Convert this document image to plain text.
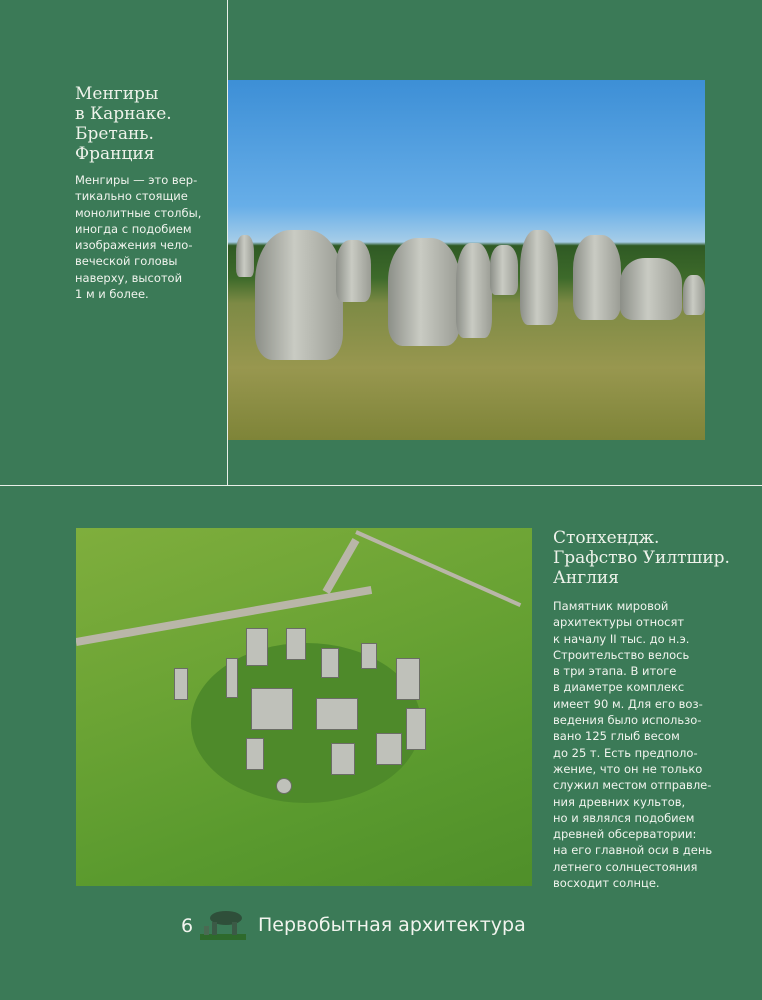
Менгиры
в Карнаке.
Бретань.
Франция
Менгиры — это вер-
тикально стоящие
монолитные столбы,
иногда с подобием
изображения чело-
веческой головы
наверху, высотой
1 м и более.
Стонхендж.
Графство Уилтшир.
Англия
Памятник мировой
архитектуры относят
к началу II тыс. до н.э.
Строительство велось
в три этапа. В итоге
в диаметре комплекс
имеет 90 м. Для его воз-
ведения было использо-
вано 125 глыб весом
до 25 т. Есть предполо-
жение, что он не только
служил местом отправле-
ния древних культов,
но и являлся подобием
древней обсерватории:
на его главной оси в день
летнего солнцестояния
восходит солнце.
6	Первобытная архитектура
